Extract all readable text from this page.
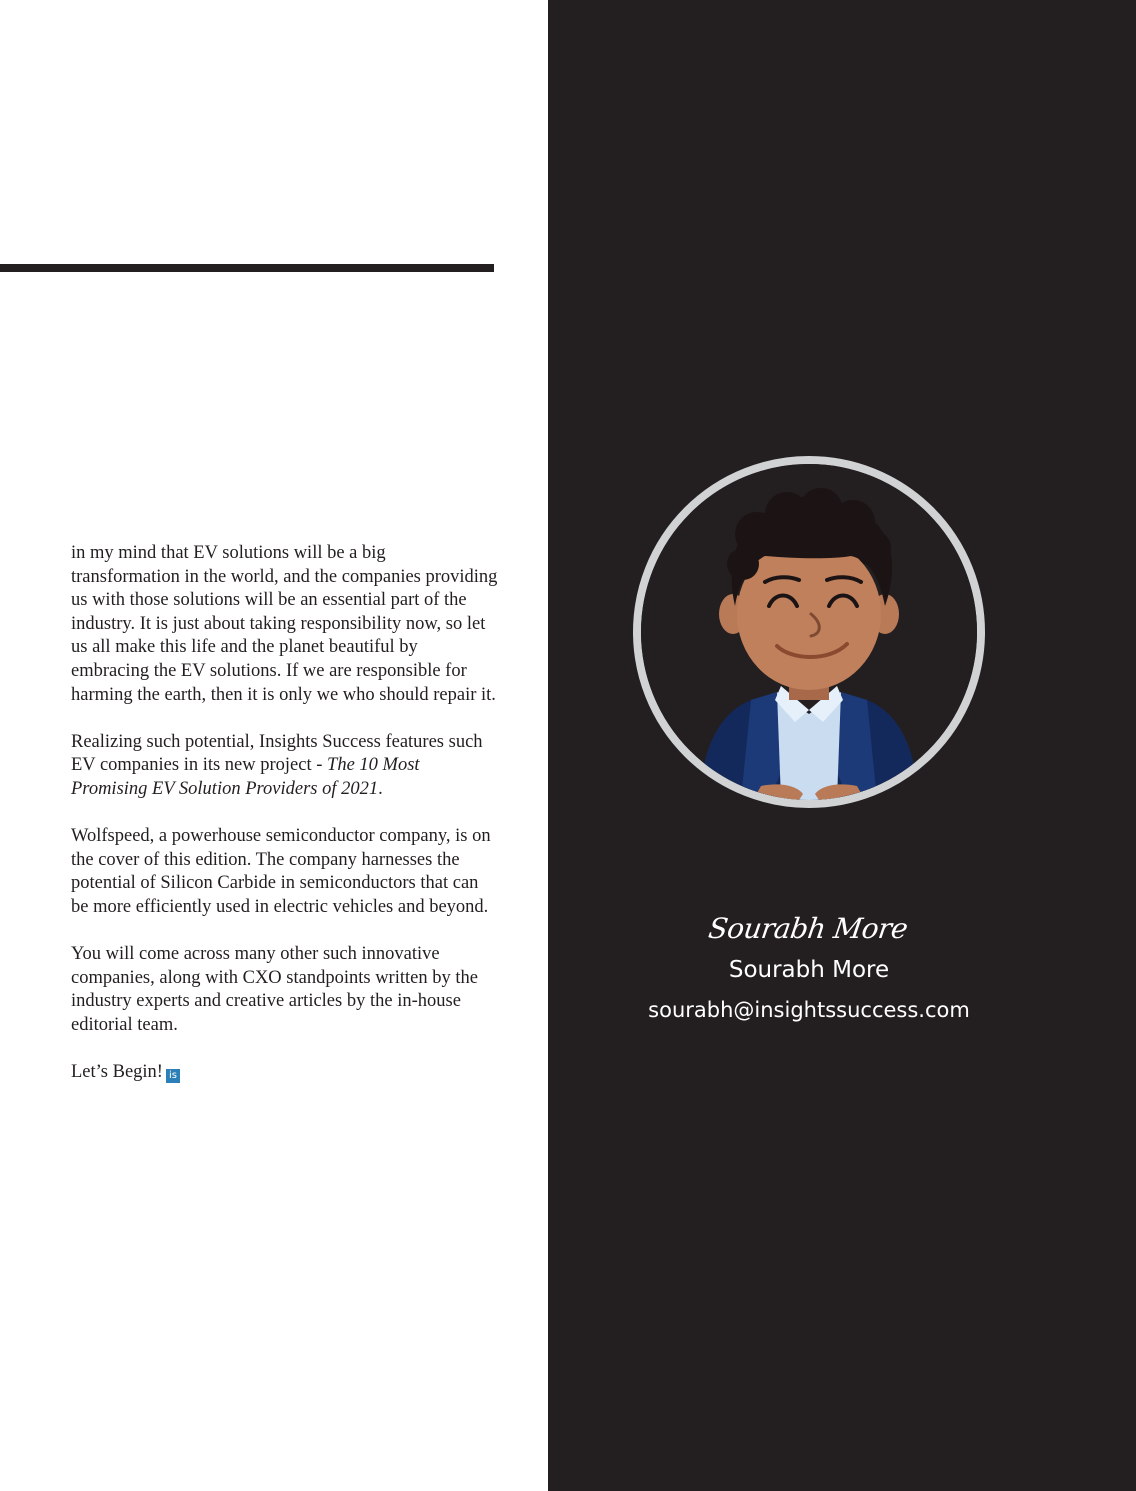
in my mind that EV solutions will be a big transformation in the world, and the companies providing us with those solutions will be an essential part of the industry. It is just about taking responsibility now, so let us all make this life and the planet beautiful by embracing the EV solutions. If we are responsible for harming the earth, then it is only we who should repair it.

Realizing such potential, Insights Success features such EV companies in its new project - The 10 Most Promising EV Solution Providers of 2021.

Wolfspeed, a powerhouse semiconductor company, is on the cover of this edition. The company harnesses the potential of Silicon Carbide in semiconductors that can be more efficiently used in electric vehicles and beyond.

You will come across many other such innovative companies, along with CXO standpoints written by the industry experts and creative articles by the in-house editorial team.

Let’s Begin! is

Sourabh More
Sourabh More
sourabh@insightssuccess.com
